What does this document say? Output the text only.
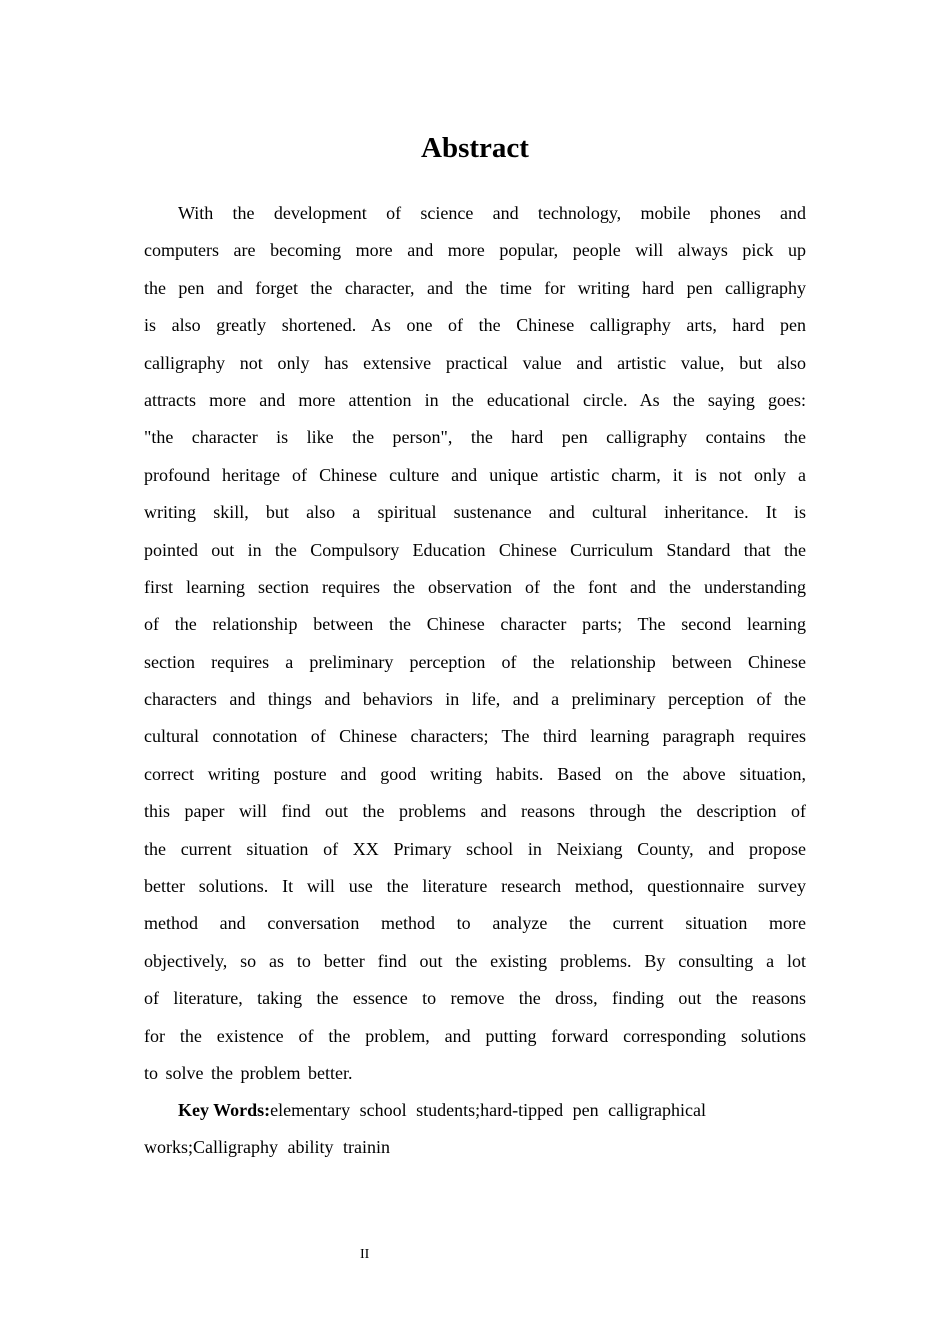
Abstract
With the development of science and technology, mobile phones and
computers are becoming more and more popular, people will always pick up
the pen and forget the character, and the time for writing hard pen calligraphy
is also greatly shortened. As one of the Chinese calligraphy arts, hard pen
calligraphy not only has extensive practical value and artistic value, but also
attracts more and more attention in the educational circle. As the saying goes:
"the character is like the person", the hard pen calligraphy contains the
profound heritage of Chinese culture and unique artistic charm, it is not only a
writing skill, but also a spiritual sustenance and cultural inheritance. It is
pointed out in the Compulsory Education Chinese Curriculum Standard that the
first learning section requires the observation of the font and the understanding
of the relationship between the Chinese character parts; The second learning
section requires a preliminary perception of the relationship between Chinese
characters and things and behaviors in life, and a preliminary perception of the
cultural connotation of Chinese characters; The third learning paragraph requires
correct writing posture and good writing habits. Based on the above situation,
this paper will find out the problems and reasons through the description of
the current situation of XX Primary school in Neixiang County, and propose
better solutions. It will use the literature research method, questionnaire survey
method and conversation method to analyze the current situation more
objectively, so as to better find out the existing problems. By consulting a lot
of literature, taking the essence to remove the dross, finding out the reasons
for the existence of the problem, and putting forward corresponding solutions
to solve the problem better.
Key Words:elementary school students;hard-tipped pen calligraphical
works;Calligraphy ability trainin
II
